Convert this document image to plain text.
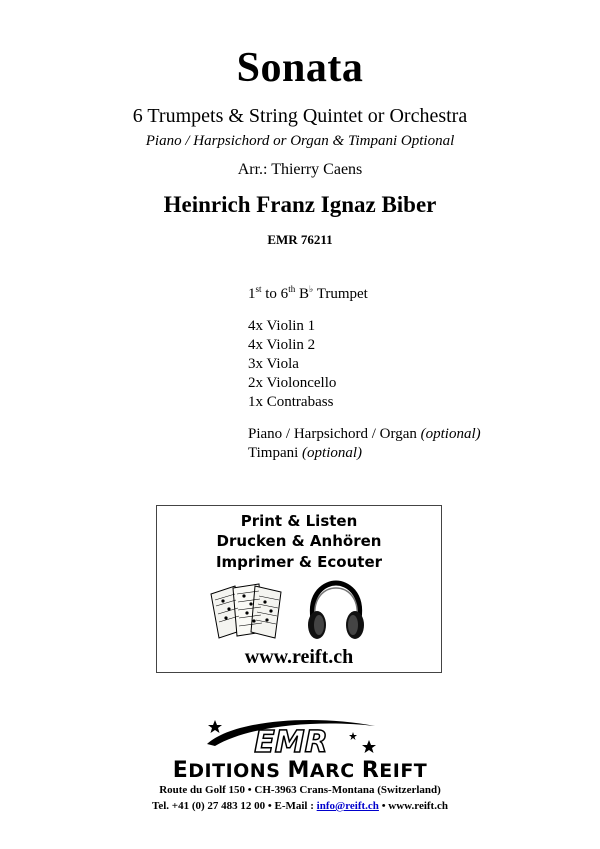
Sonata
6 Trumpets & String Quintet or Orchestra
Piano / Harpsichord or Organ & Timpani Optional
Arr.: Thierry Caens
Heinrich Franz Ignaz Biber
EMR 76211
1st to 6th B♭ Trumpet
4x Violin 1
4x Violin 2
3x Viola
2x Violoncello
1x Contrabass
Piano / Harpsichord / Organ (optional)
Timpani (optional)
Print & Listen
Drucken & Anhören
Imprimer & Ecouter
www.reift.ch
EMR
EDITIONS MARC REIFT
Route du Golf 150 • CH-3963 Crans-Montana (Switzerland)
Tel. +41 (0) 27 483 12 00 • E-Mail : info@reift.ch • www.reift.ch
